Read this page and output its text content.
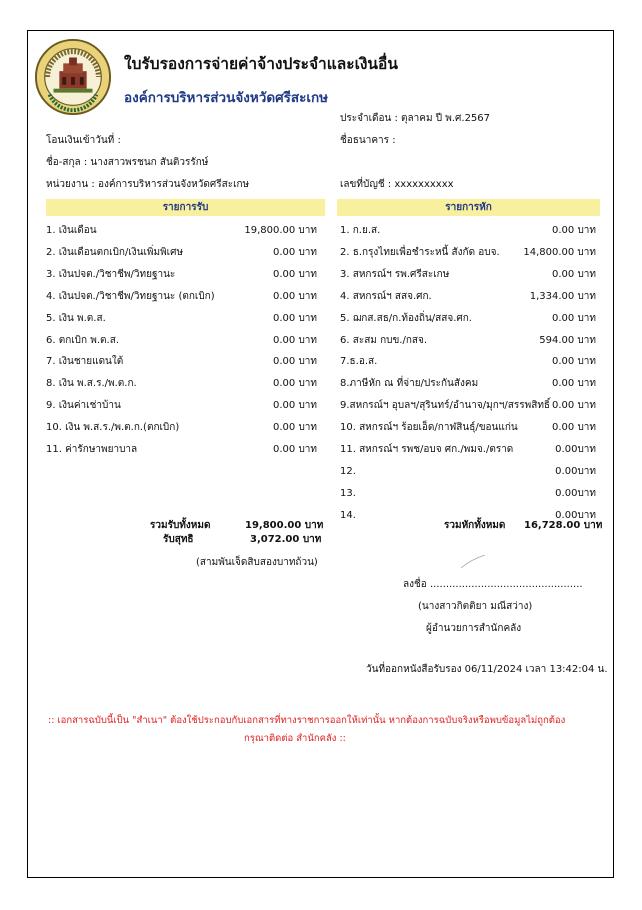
ใบรับรองการจ่ายค่าจ้างประจำและเงินอื่น
องค์การบริหารส่วนจังหวัดศรีสะเกษ
ประจำเดือน : ตุลาคม ปี พ.ศ.2567
โอนเงินเข้าวันที่ :	ชื่อธนาคาร :
ชื่อ-สกุล : นางสาวพรชนก สันติวรรักษ์
หน่วยงาน : องค์การบริหารส่วนจังหวัดศรีสะเกษ	เลขที่บัญชี : xxxxxxxxxx
รายการรับ	รายการหัก
1. เงินเดือน	19,800.00 บาท
2. เงินเดือนตกเบิก/เงินเพิ่มพิเศษ	0.00 บาท
3. เงินปจต./วิชาชีพ/วิทยฐานะ	0.00 บาท
4. เงินปจต./วิชาชีพ/วิทยฐานะ (ตกเบิก)	0.00 บาท
5. เงิน พ.ต.ส.	0.00 บาท
6. ตกเบิก พ.ต.ส.	0.00 บาท
7. เงินชายแดนใต้	0.00 บาท
8. เงิน พ.ส.ร./พ.ต.ก.	0.00 บาท
9. เงินค่าเช่าบ้าน	0.00 บาท
10. เงิน พ.ส.ร./พ.ต.ก.(ตกเบิก)	0.00 บาท
11. ค่ารักษาพยาบาล	0.00 บาท
1. ก.ย.ส.	0.00 บาท
2. ธ.กรุงไทยเพื่อชำระหนี้ สังกัด อบจ. 14,800.00 บาท
3. สหกรณ์ฯ รพ.ศรีสะเกษ	0.00 บาท
4. สหกรณ์ฯ สสจ.ศก.	1,334.00 บาท
5. ฌกส.สธ/ก.ท้องถิ่น/สสจ.ศก.	0.00 บาท
6. สะสม กบข./กสจ.	594.00 บาท
7.ธ.อ.ส.	0.00 บาท
8.ภาษีหัก ณ ที่จ่าย/ประกันสังคม	0.00 บาท
9.สหกรณ์ฯ อุบลฯ/สุรินทร์/อำนาจ/มุกฯ/สรรพสิทธิ์ 0.00 บาท
10. สหกรณ์ฯ ร้อยเอ็ด/กาฬสินธุ์/ขอนแก่น	0.00 บาท
11. สหกรณ์ฯ รพช/อบจ ศก./พมจ./ตราด	0.00บาท
12.	0.00บาท
13.	0.00บาท
14.	0.00บาท
รวมรับทั้งหมด	19,800.00 บาท
รับสุทธิ	3,072.00 บาท
(สามพันเจ็ดสิบสองบาทถ้วน)
รวมหักทั้งหมด 16,728.00 บาท
ลงชื่อ ................................................
(นางสาวกิตติยา มณีสว่าง)
ผู้อำนวยการสำนักคลัง
วันที่ออกหนังสือรับรอง 06/11/2024 เวลา 13:42:04 น.
:: เอกสารฉบับนี้เป็น "สำเนา" ต้องใช้ประกอบกับเอกสารที่ทางราชการออกให้เท่านั้น หากต้องการฉบับจริงหรือพบข้อมูลไม่ถูกต้อง
กรุณาติดต่อ สำนักคลัง ::
